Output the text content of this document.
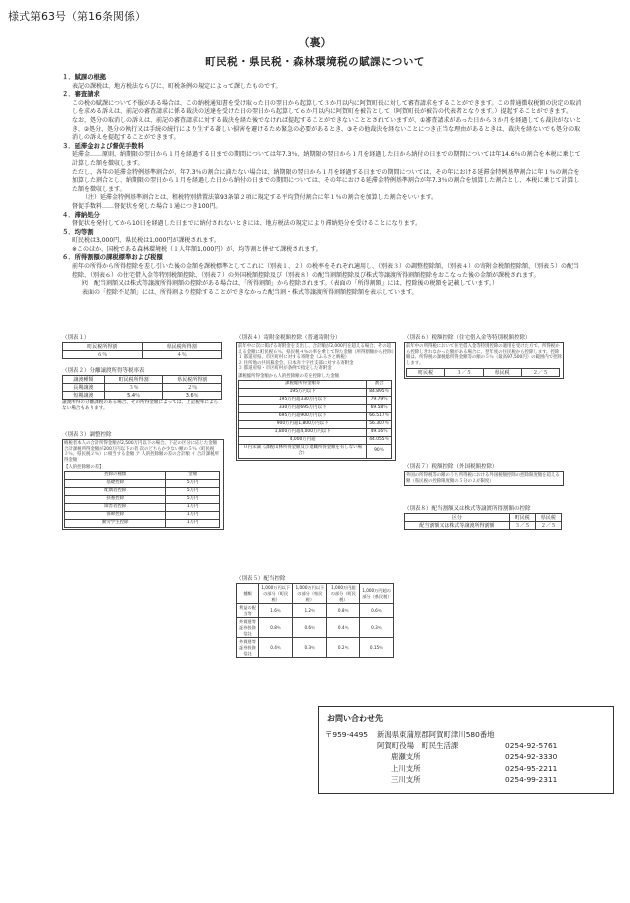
様式第63号（第16条関係）
（裏）
町民税・県民税・森林環境税の賦課について
１．賦課の根拠
表記の課税は、地方税法ならびに、町税条例の規定によって課したものです。
２．審査請求
この税の賦課について不服がある場合は、この納税通知書を受け取った日の翌日から起算して３か月以内に阿賀町長に対して審査請求をすることができます。この普通徴収税額の決定の取消しを求める訴えは、前記の審査請求に係る裁決の送達を受けた日の翌日から起算して６か月以内に阿賀町を被告として（阿賀町長が被告の代表者となります。）提起することができます。
なお、処分の取消しの訴えは、前記の審査請求に対する裁決を経た後でなければ提起することができないこととされていますが、①審査請求があった日から３か月を経過しても裁決がないとき、②処分、処分の執行又は手続の続行により生ずる著しい損害を避けるため緊急の必要があるとき、③その他裁決を経ないことにつき正当な理由があるときは、裁決を経ないでも処分の取消しの訴えを提起することができます。
３．延滞金および督促手数料
延滞金……原則、納期限の翌日から１月を経過する日までの期間については年7.3％、納期限の翌日から１月を経過した日から納付の日までの期間については年14.6％の割合を本税に乗じて計算した額を徴収します。
ただし、各年の延滞金特例基準割合が、年7.3％の割合に満たない場合は、納期限の翌日から１月を経過する日までの期間については、その年における延滞金特例基準割合に年１％の割合を加算した割合とし、納期限の翌日から１月を経過した日から納付の日までの期間については、その年における延滞金特例基準割合が年7.3％の割合を加算した割合とし、本税に乗じて計算した額を徴収します。
（注）延滞金特例基準割合とは、租税特別措置法第93条第２項に規定する平均貸付割合に年１％の割合を加算した割合をいいます。
督促手数料……督促状を発した場合１通につき100円。
４．滞納処分
督促状を発付してから10日を経過した日までに納付されないときには、地方税法の規定により滞納処分を受けることになります。
５．均等割
町民税は3,000円、県民税は1,000円が課税されます。
※このほか、国税である森林環境税（１人年額1,000円）が、均等割と併せて課税されます。
６．所得割額の課税標準および税額
前年の所得から所得控除を差し引いた後の金額を課税標準としてこれに（別表１、２）の税率をそれぞれ適用し、（別表３）の調整控除額、（別表４）の寄附金税額控除額、（別表５）の配当控除、（別表６）の住宅借入金等特別税額控除、（別表７）の外国税額控除及び（別表８）の配当割額控除及び株式等譲渡所得割額控除をおこなった後の金額が課税されます。
㈹　配当割額又は株式等譲渡所得割額の控除がある場合は、「所得割額」から控除されます。（表面の「所得割額」には、控除後の税額を記載しています。）
表面の「控除不足額」には、所得割より控除することができなかった配当割・株式等譲渡所得割額控除額を表示しています。
（別表１）
町民税所得割	県民税所得割
６％	４％
（別表２）分離譲渡所得等税率表
譲渡種類	町民税所得割	県民税所得割
長期譲渡	３％	２％
短期譲渡	5.4％	3.6％
譲渡所得の分離課税のある場合、その所得金額によっては、上記税率によらない場合もあります。
（別表３）調整控除
納税者本人の合計所得金額が2,500万円以下の場合、下記の区分に応じた金額 合計課税所得金額が200万円以下の者 次のどちらか少ない額の５％（町民税３％、県民税２％）に相当する金額 ア 人的控除額の差の合計額 イ 合計課税所得金額
【人的控除額の差】
控除の種類	金額
基礎控除	5万円
配偶者控除	5万円
扶養控除	5万円
障害者控除	1万円
寡婦控除	1万円
勤労学生控除	1万円
（別表４）寄附金税額控除（普通寄附分）
前年中に次に掲げる寄附金を支出し、合計額が2,000円を超える場合、その超える金額に町民税６％、県民税４％の率を乗じて得た金額（所得割額から控除）
１ 都道府県、市区町村に対する寄附金（ふるさと納税）
２ 住所地の共同募金会、日本赤十字社支部に対する寄附金
３ 都道府県・市区町村が条例で指定した寄附金
課税総所得金額から人的控除額の差を控除した金額
課税総所得金額等	割合
195万円以下	84.895％
195万円超330万円以下	79.79％
330万円超695万円以下	69.58％
695万円超900万円以下	66.517％
900万円超1,800万円以下	56.307％
1,800万円超4,000万円以下	49.16％
4,000万円超	44.055％
０円未満（課税山林所得金額及び退職所得金額を有しない場合）	90％
（別表５）配当控除
種類	1,000万円以下の部分（町民税）	1,000万円以下の部分（県民税）	1,000万円超の部分（町民税）	1,000万円超の部分（県民税）
利益の配当等	1.6％	1.2％	0.8％	0.6％
外貨建等証券投資信託	0.8％	0.6％	0.4％	0.3％
外貨建等証券投資信託	0.4％	0.3％	0.2％	0.15％
（別表６）税額控除（住宅借入金等特別税額控除）
前年中の所得税において住宅借入金等特別控除の適用を受けた方で、所得税から控除しきれなかった額がある場合に、翌年度の住民税から控除します。控除額は、所得税の課税総所得金額等の額の５％（最高97,500円）の範囲内で控除します。
町民税	３／５	県民税	２／５
（別表７）税額控除（外国税額控除）
外国の所得税等の額のうち所得税における外国税額控除の控除限度額を超える額（県民税の控除限度額の５分の２が限度）
（別表８）配当割額又は株式等譲渡所得割額の控除
区分	町民税	県民税
配当割額又は株式等譲渡所得割額	３／５	２／５
お問い合わせ先
〒959-4495	新潟県東蒲原郡阿賀町津川580番地
阿賀町役場　町民生活課	0254-92-5761
鹿瀬支所	0254-92-3330
上川支所	0254-95-2211
三川支所	0254-99-2311
